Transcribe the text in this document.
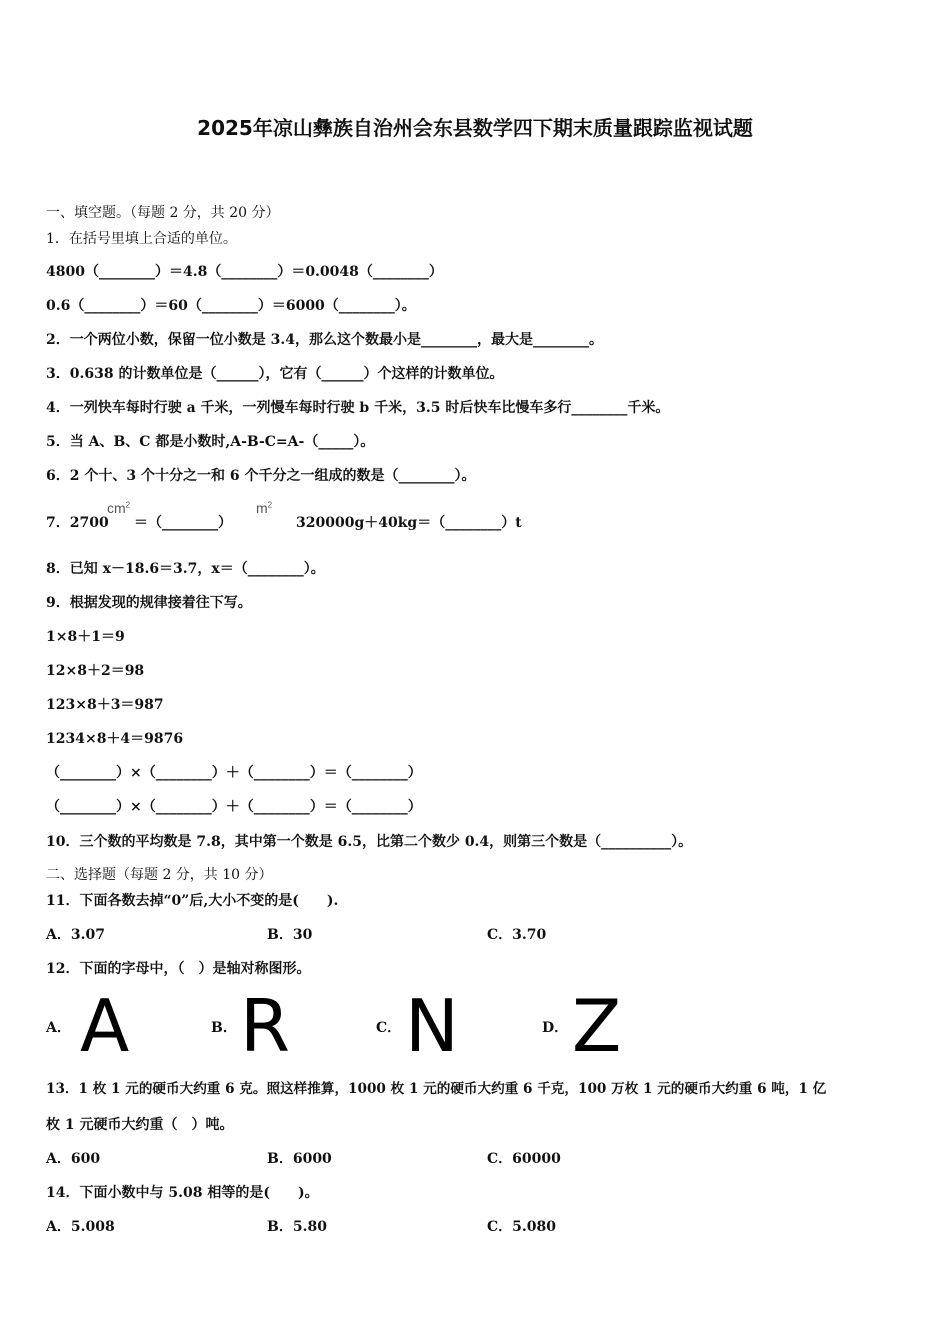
2025年凉山彝族自治州会东县数学四下期末质量跟踪监视试题
一、填空题。（每题 2 分，共 20 分）
1．在括号里填上合适的单位。
4800（________）＝4.8（________）＝0.0048（________）
0.6（________）＝60（________）＝6000（________）。
2．一个两位小数，保留一位小数是 3.4，那么这个数最小是________，最大是________。
3．0.638 的计数单位是（______），它有（______）个这样的计数单位。
4．一列快车每时行驶 a 千米，一列慢车每时行驶 b 千米，3.5 时后快车比慢车多行________千米。
5．当 A、B、C 都是小数时,A-B-C=A-（_____）。
6．2 个十、3 个十分之一和 6 个千分之一组成的数是（________）。
7．2700
$cm^2$
＝（________）
$m^2$
320000g＋40kg＝（________）t
8．已知 x－18.6＝3.7，x＝（________）。
9．根据发现的规律接着往下写。
1×8＋1＝9
12×8＋2＝98
123×8＋3＝987
1234×8＋4＝9876
（________）×（________）＋（________）＝（________）
（________）×（________）＋（________）＝（________）
10．三个数的平均数是 7.8，其中第一个数是 6.5，比第二个数少 0.4，则第三个数是（__________）。
二、选择题（每题 2 分，共 10 分）
11．下面各数去掉“0”后,大小不变的是(　　).
A．3.07	B．30	C．3.70
12．下面的字母中，（　）是轴对称图形。
A． A	B． R	C． N	D． Z
13．1 枚 1 元的硬币大约重 6 克。照这样推算，1000 枚 1 元的硬币大约重 6 千克，100 万枚 1 元的硬币大约重 6 吨，1 亿
枚 1 元硬币大约重（　）吨。
A．600	B．6000	C．60000
14．下面小数中与 5.08 相等的是(　　)。
A．5.008	B．5.80	C．5.080
